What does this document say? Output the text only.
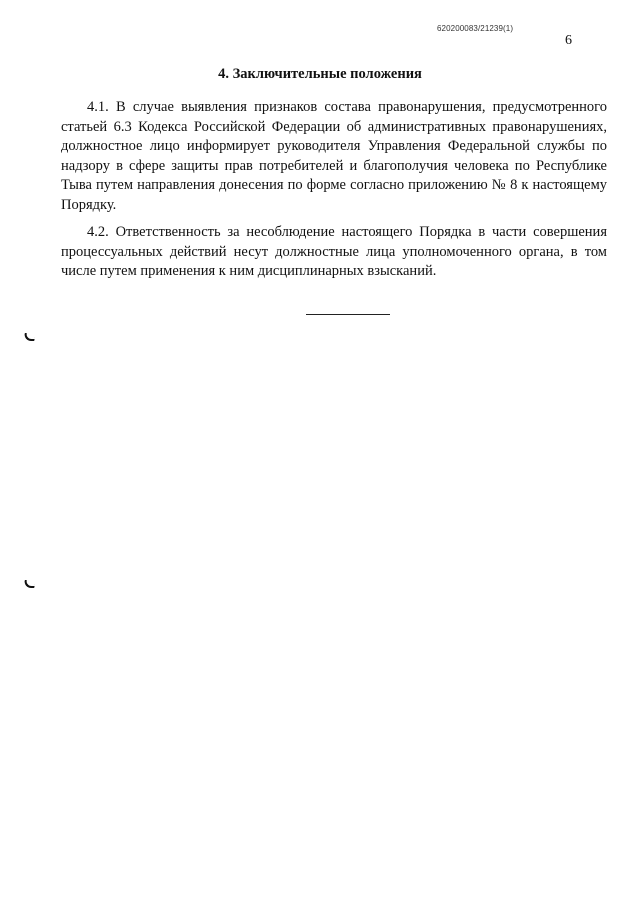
620200083/21239(1)
6
4. Заключительные положения

4.1. В случае выявления признаков состава правонарушения, предусмотренного статьей 6.3 Кодекса Российской Федерации об административных правонарушениях, должностное лицо информирует руководителя Управления Федеральной службы по надзору в сфере защиты прав потребителей и благополучия человека по Республике Тыва путем направления донесения по форме согласно приложению № 8 к настоящему Порядку.

4.2. Ответственность за несоблюдение настоящего Порядка в части совершения процессуальных действий несут должностные лица уполномоченного органа, в том числе путем применения к ним дисциплинарных взысканий.
